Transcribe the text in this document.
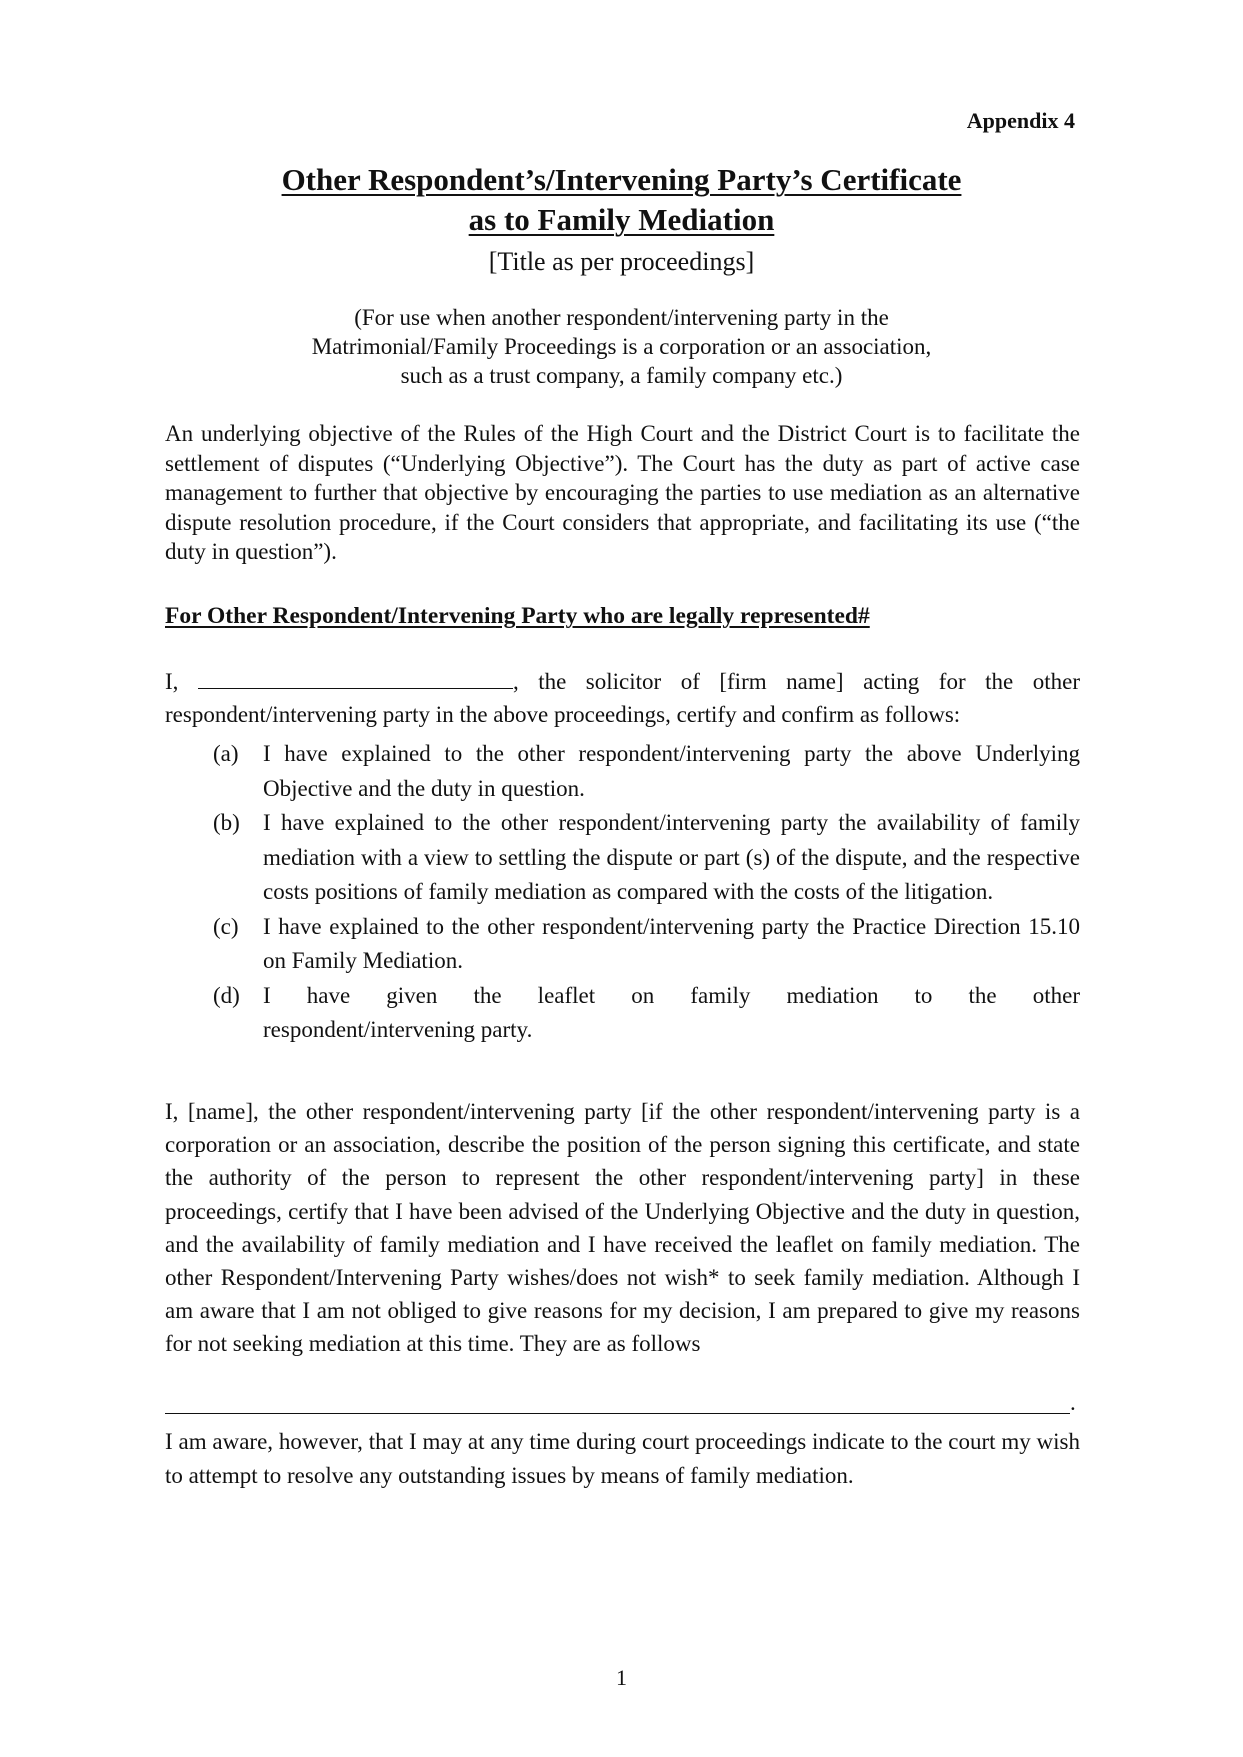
Appendix 4
Other Respondent’s/Intervening Party’s Certificate
as to Family Mediation
[Title as per proceedings]
(For use when another respondent/intervening party in the
Matrimonial/Family Proceedings is a corporation or an association,
such as a trust company, a family company etc.)
An underlying objective of the Rules of the High Court and the District Court is to facilitate the settlement of disputes (“Underlying Objective”). The Court has the duty as part of active case management to further that objective by encouraging the parties to use mediation as an alternative dispute resolution procedure, if the Court considers that appropriate, and facilitating its use (“the duty in question”).
For Other Respondent/Intervening Party who are legally represented#
I,	, the solicitor of [firm name] acting for the other respondent/intervening party in the above proceedings, certify and confirm as follows:
(a)	I have explained to the other respondent/intervening party the above Underlying Objective and the duty in question.
(b)	I have explained to the other respondent/intervening party the availability of family mediation with a view to settling the dispute or part (s) of the dispute, and the respective costs positions of family mediation as compared with the costs of the litigation.
(c)	I have explained to the other respondent/intervening party the Practice Direction 15.10 on Family Mediation.
(d)	I have given the leaflet on family mediation to the other
respondent/intervening party.
I, [name], the other respondent/intervening party [if the other respondent/intervening party is a corporation or an association, describe the position of the person signing this certificate, and state the authority of the person to represent the other respondent/intervening party] in these proceedings, certify that I have been advised of the Underlying Objective and the duty in question, and the availability of family mediation and I have received the leaflet on family mediation. The other Respondent/Intervening Party wishes/does not wish* to seek family mediation. Although I am aware that I am not obliged to give reasons for my decision, I am prepared to give my reasons for not seeking mediation at this time. They are as follows
.
I am aware, however, that I may at any time during court proceedings indicate to the court my wish to attempt to resolve any outstanding issues by means of family mediation.
1
